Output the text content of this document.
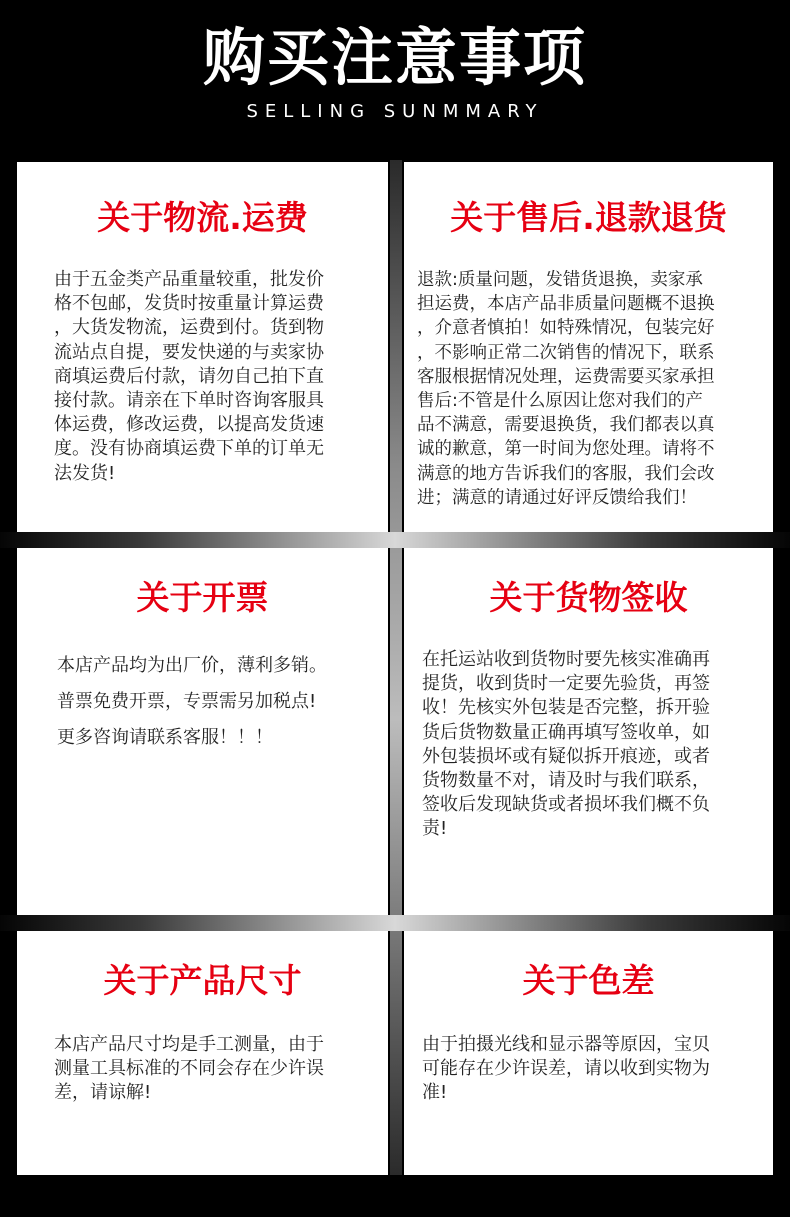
购买注意事项
SELLING SUNMMARY
关于物流.运费
由于五金类产品重量较重，批发价
格不包邮，发货时按重量计算运费
，大货发物流，运费到付。货到物
流站点自提，要发快递的与卖家协
商填运费后付款，请勿自己拍下直
接付款。请亲在下单时咨询客服具
体运费，修改运费，以提高发货速
度。没有协商填运费下单的订单无
法发货!
关于售后.退款退货
退款:质量问题，发错货退换，卖家承
担运费，本店产品非质量问题概不退换
，介意者慎拍！如特殊情况，包装完好
，不影响正常二次销售的情况下，联系
客服根据情况处理，运费需要买家承担
售后:不管是什么原因让您对我们的产
品不满意，需要退换货，我们都表以真
诚的歉意，第一时间为您处理。请将不
满意的地方告诉我们的客服，我们会改
进；满意的请通过好评反馈给我们！
关于开票
本店产品均为出厂价，薄利多销。
普票免费开票，专票需另加税点!
更多咨询请联系客服！！！
关于货物签收
在托运站收到货物时要先核实准确再
提货，收到货时一定要先验货，再签
收！先核实外包装是否完整，拆开验
货后货物数量正确再填写签收单，如
外包装损坏或有疑似拆开痕迹，或者
货物数量不对，请及时与我们联系，
签收后发现缺货或者损坏我们概不负
责!
关于产品尺寸
本店产品尺寸均是手工测量，由于
测量工具标准的不同会存在少许误
差，请谅解!
关于色差
由于拍摄光线和显示器等原因，宝贝
可能存在少许误差，请以收到实物为
准!
